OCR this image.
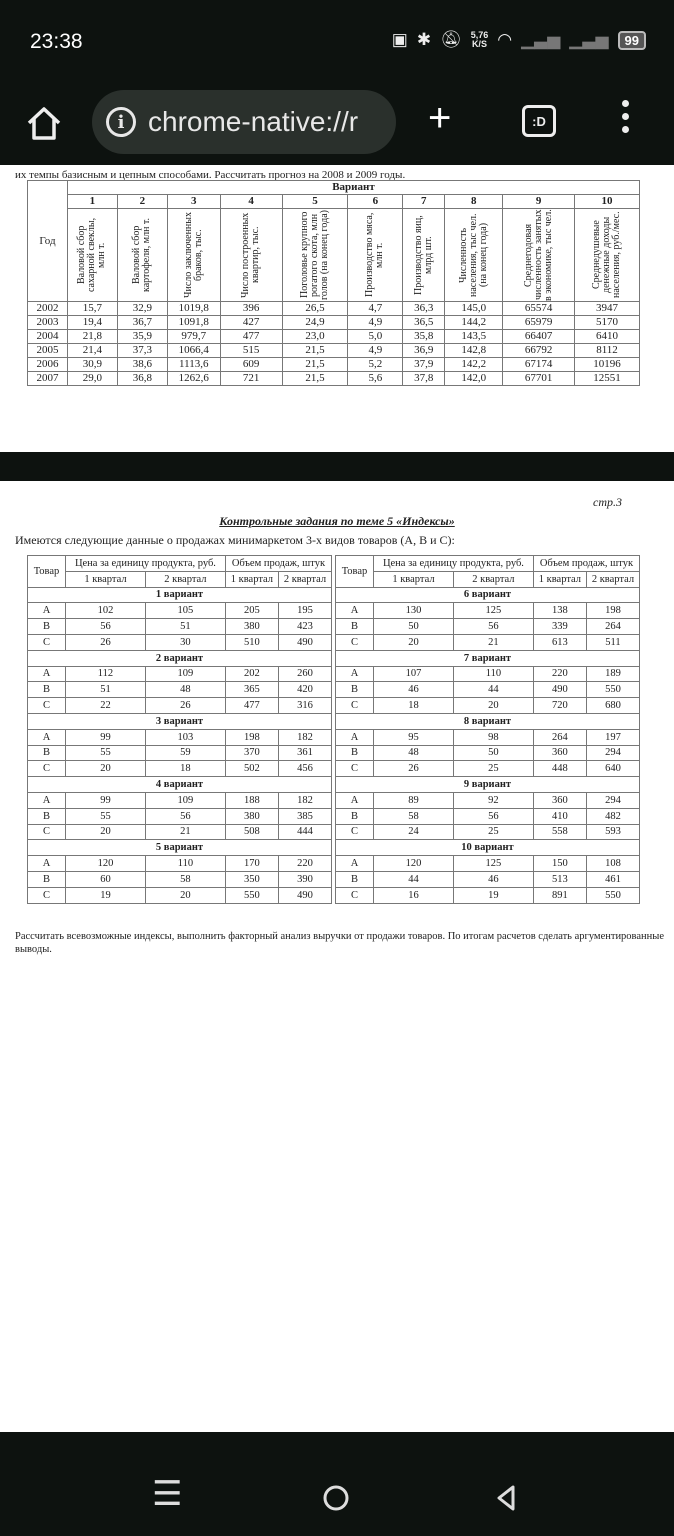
23:38	▣ ✱ 🔕︎ 5,76
K/S ◠ ▁▃▅ ▁▃▅	99
i chrome-native://r +	:D
их темпы базисным и цепным способами. Рассчитать прогноз на 2008 и 2009 годы.
Год	Вариант									
	1	2	3	4	5	6	7	8	9	10

	Валовой сбор сахарной свеклы, млн т.	Валовой сбор картофеля, млн т.	Число заключенных браков, тыс.	Число построенных квартир, тыс.	Поголовье крупного рогатого скота, млн голов (на конец года)	Производство мяса, млн т.	Производство яиц, млрд шт.	Численность населения, тыс чел. (на конец года)	Среднегодовая численность занятых в экономике, тыс чел.	Среднедушевые денежные доходы населения, руб./мес.

2002	15,7	32,9	1019,8	396	26,5	4,7	36,3	145,0	65574	3947
2003	19,4	36,7	1091,8	427	24,9	4,9	36,5	144,2	65979	5170
2004	21,8	35,9	979,7	477	23,0	5,0	35,8	143,5	66407	6410
2005	21,4	37,3	1066,4	515	21,5	4,9	36,9	142,8	66792	8112
2006	30,9	38,6	1113,6	609	21,5	5,2	37,9	142,2	67174	10196
2007	29,0	36,8	1262,6	721	21,5	5,6	37,8	142,0	67701	12551
стр.3
Контрольные задания по теме 5 «Индексы»
Имеются следующие данные о продажах минимаркетом 3-х видов товаров (А, В и С):
Товар	Цена за единицу продукта, руб.		Объем продаж, штук	
	1 квартал	2 квартал	1 квартал	2 квартал
1 вариант				
A	102	105	205	195
B	56	51	380	423
C	26	30	510	490
2 вариант				
A	112	109	202	260
B	51	48	365	420
C	22	26	477	316
3 вариант				
A	99	103	198	182
B	55	59	370	361
C	20	18	502	456
4 вариант				
A	99	109	188	182
B	55	56	380	385
C	20	21	508	444
5 вариант				
A	120	110	170	220
B	60	58	350	390
C	19	20	550	490
Товар	Цена за единицу продукта, руб.		Объем продаж, штук	
	1 квартал	2 квартал	1 квартал	2 квартал
6 вариант				
A	130	125	138	198
B	50	56	339	264
C	20	21	613	511
7 вариант				
A	107	110	220	189
B	46	44	490	550
C	18	20	720	680
8 вариант				
A	95	98	264	197
B	48	50	360	294
C	26	25	448	640
9 вариант				
A	89	92	360	294
B	58	56	410	482
C	24	25	558	593
10 вариант				
A	120	125	150	108
B	44	46	513	461
C	16	19	891	550
Рассчитать всевозможные индексы, выполнить факторный анализ выручки от продажи товаров. По итогам расчетов сделать аргументированные выводы.
☰
